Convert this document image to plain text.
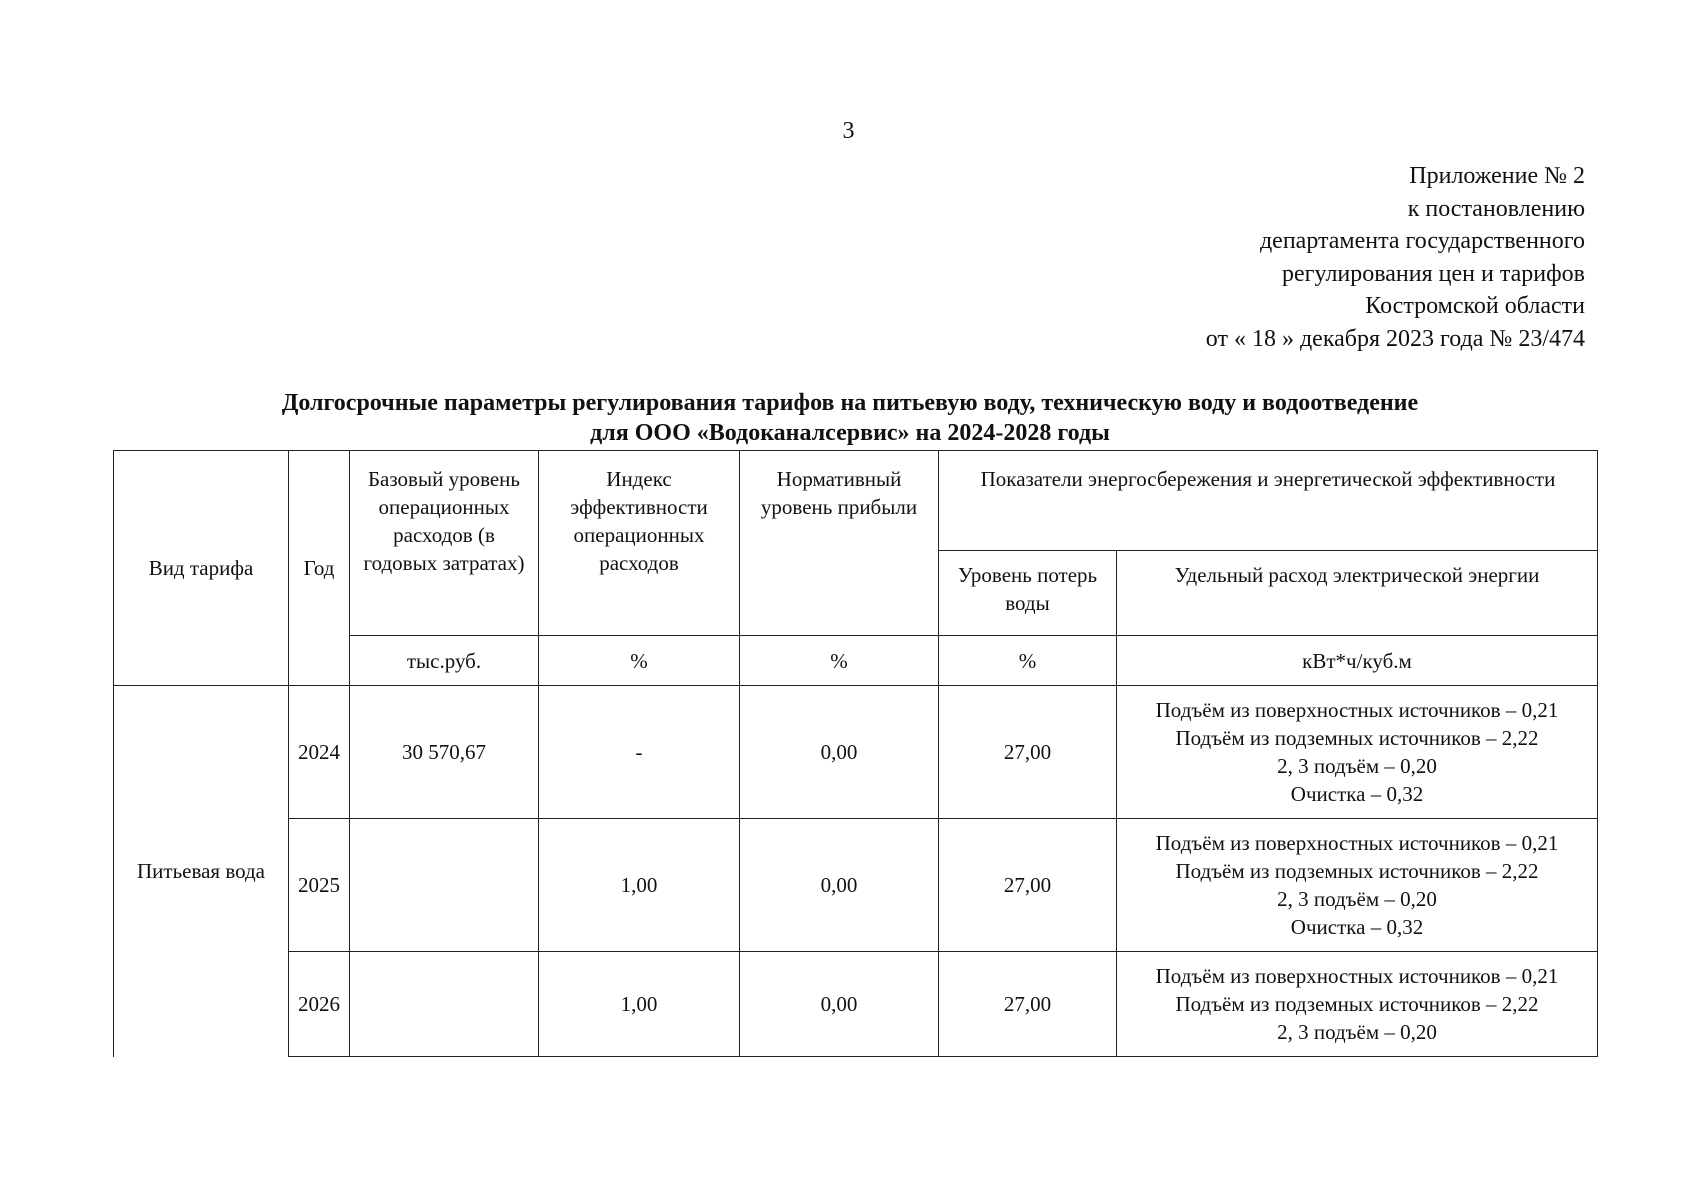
3
Приложение № 2
к постановлению
департамента государственного
регулирования цен и тарифов
Костромской области
от « 18 » декабря 2023 года № 23/474
Долгосрочные параметры регулирования тарифов на питьевую воду, техническую воду и водоотведение
для ООО «Водоканалсервис» на 2024-2028 годы
Вид тарифа	Год	Базовый уровень операционных расходов (в годовых затратах)	Индекс эффективности операционных расходов	Нормативный уровень прибыли	Показатели энергосбережения и энергетической эффективности	
					Уровень потерь воды	Удельный расход электрической энергии
		тыс.руб.	%	%	%	кВт*ч/куб.м
Питьевая вода	2024	30 570,67	-	0,00	27,00	Подъём из поверхностных источников – 0,21
Подъём из подземных источников – 2,22
2, 3 подъём – 0,20
Очистка – 0,32

	2025		1,00	0,00	27,00	Подъём из поверхностных источников – 0,21
Подъём из подземных источников – 2,22
2, 3 подъём – 0,20
Очистка – 0,32

	2026		1,00	0,00	27,00	Подъём из поверхностных источников – 0,21
Подъём из подземных источников – 2,22
2, 3 подъём – 0,20
